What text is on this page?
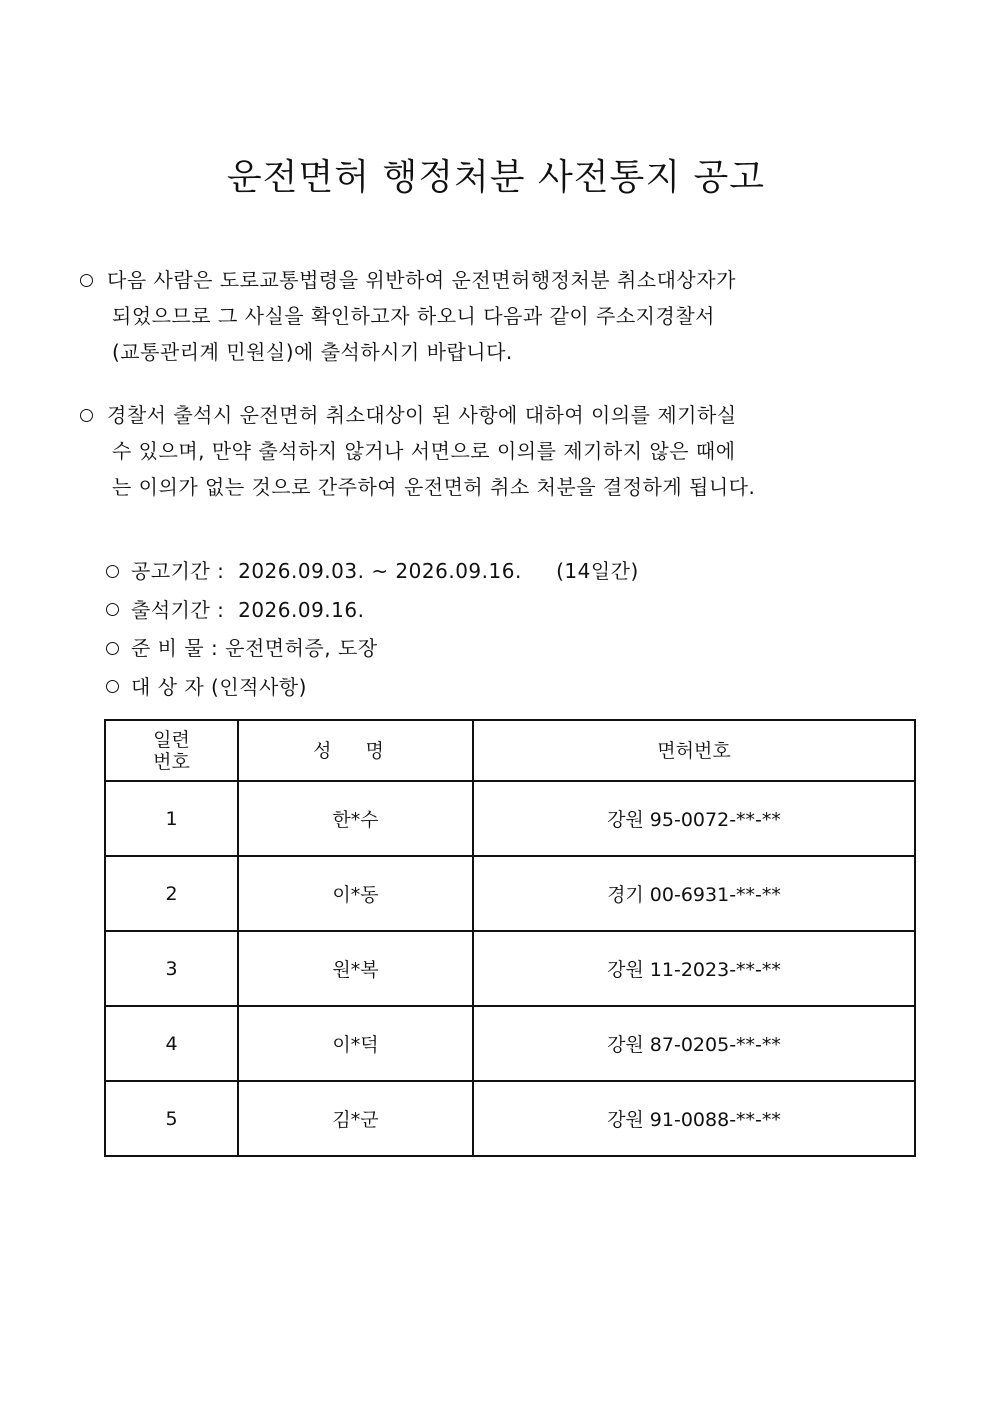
운전면허 행정처분 사전통지 공고
다음 사람은 도로교통법령을 위반하여 운전면허행정처분 취소대상자가
되었으므로 그 사실을 확인하고자 하오니 다음과 같이 주소지경찰서
(교통관리계 민원실)에 출석하시기 바랍니다.
경찰서 출석시 운전면허 취소대상이 된 사항에 대하여 이의를 제기하실
수 있으며, 만약 출석하지 않거나 서면으로 이의를 제기하지 않은 때에
는 이의가 없는 것으로 간주하여 운전면허 취소 처분을 결정하게 됩니다.
공고기간 :  2026.09.03. ~ 2026.09.16.     (14일간)
출석기간 :  2026.09.16.
준 비 물 : 운전면허증, 도장
대 상 자 (인적사항)
일련
번호	성 명	면허번호
1	한*수	강원 95-0072-**-**
2	이*동	경기 00-6931-**-**
3	원*복	강원 11-2023-**-**
4	이*덕	강원 87-0205-**-**
5	김*군	강원 91-0088-**-**
